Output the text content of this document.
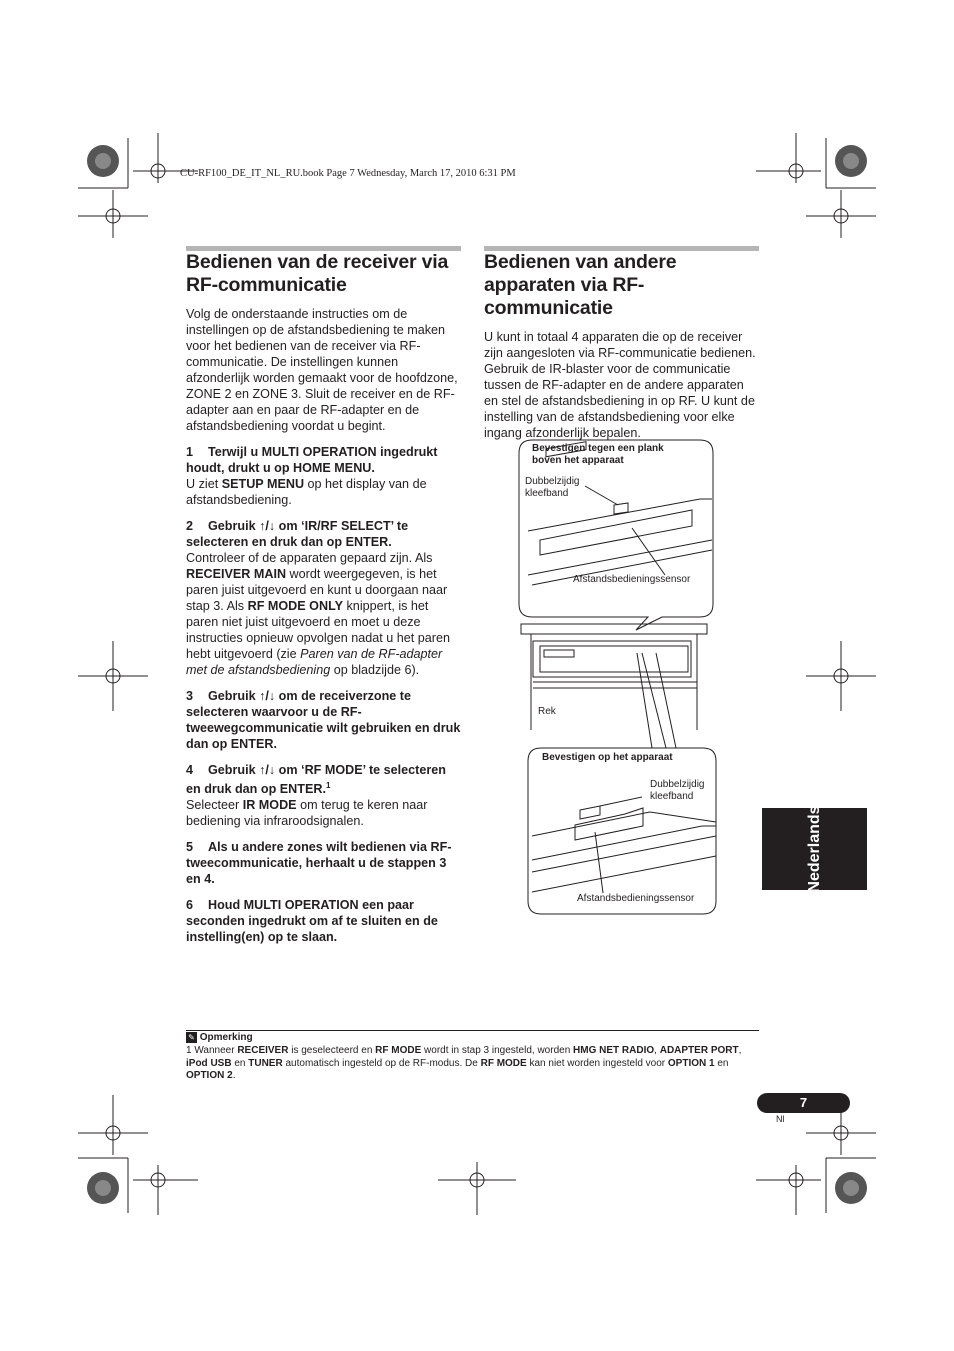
CU-RF100_DE_IT_NL_RU.book Page 7 Wednesday, March 17, 2010 6:31 PM
Bedienen van de receiver via RF-communicatie

Volg de onderstaande instructies om de instellingen op de afstandsbediening te maken voor het bedienen van de receiver via RF-communicatie. De instellingen kunnen afzonderlijk worden gemaakt voor de hoofdzone, ZONE 2 en ZONE 3. Sluit de receiver en de RF-adapter aan en paar de RF-adapter en de afstandsbediening voordat u begint.

1 Terwijl u MULTI OPERATION ingedrukt houdt, drukt u op HOME MENU.

U ziet SETUP MENU op het display van de afstandsbediening.

2 Gebruik ↑/↓ om ‘IR/RF SELECT’ te selecteren en druk dan op ENTER.

Controleer of de apparaten gepaard zijn. Als RECEIVER MAIN wordt weergegeven, is het paren juist uitgevoerd en kunt u doorgaan naar stap 3. Als RF MODE ONLY knippert, is het paren niet juist uitgevoerd en moet u deze instructies opnieuw opvolgen nadat u het paren hebt uitgevoerd (zie Paren van de RF-adapter met de afstandsbediening op bladzijde 6).

3 Gebruik ↑/↓ om de receiverzone te selecteren waarvoor u de RF-tweewegcommunicatie wilt gebruiken en druk dan op ENTER.

4 Gebruik ↑/↓ om ‘RF MODE’ te selecteren en druk dan op ENTER.$^1$

Selecteer IR MODE om terug te keren naar bediening via infraroodsignalen.

5 Als u andere zones wilt bedienen via RF-tweecommunicatie, herhaalt u de stappen 3 en 4.

6 Houd MULTI OPERATION een paar seconden ingedrukt om af te sluiten en de instelling(en) op te slaan.

Bedienen van andere apparaten via RF-communicatie

U kunt in totaal 4 apparaten die op de receiver zijn aangesloten via RF-communicatie bedienen. Gebruik de IR-blaster voor de communicatie tussen de RF-adapter en de andere apparaten en stel de afstandsbediening in op RF. U kunt de instelling van de afstandsbediening voor elke ingang afzonderlijk bepalen.

Bevestigen tegen een plank boven het apparaat
Dubbelzijdig kleefband
Afstandsbedieningssensor
Rek
Bevestigen op het apparaat
Dubbelzijdig kleefband
Afstandsbedieningssensor
Nederlands
✎ Opmerking
1 Wanneer RECEIVER is geselecteerd en RF MODE wordt in stap 3 ingesteld, worden HMG NET RADIO, ADAPTER PORT, iPod USB en TUNER automatisch ingesteld op de RF-modus. De RF MODE kan niet worden ingesteld voor OPTION 1 en OPTION 2.
7
Nl
